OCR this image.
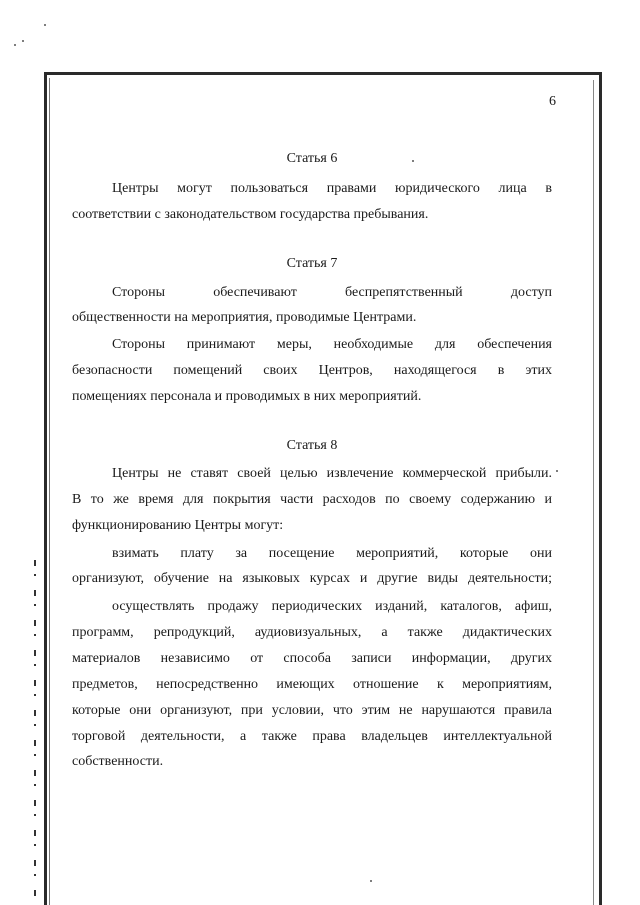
6
Статья 6
Центры могут пользоваться правами юридического лица в
соответствии с законодательством государства пребывания.
Статья 7
Стороны обеспечивают беспрепятственный доступ
общественности на мероприятия, проводимые Центрами.
Стороны принимают меры, необходимые для обеспечения
безопасности помещений своих Центров, находящегося в этих
помещениях персонала и проводимых в них мероприятий.
Статья 8
Центры не ставят своей целью извлечение коммерческой прибыли.
В то же время для покрытия части расходов по своему содержанию и
функционированию Центры могут:
взимать плату за посещение мероприятий, которые они
организуют, обучение на языковых курсах и другие виды деятельности;
осуществлять продажу периодических изданий, каталогов, афиш,
программ, репродукций, аудиовизуальных, а также дидактических
материалов независимо от способа записи информации, других
предметов, непосредственно имеющих отношение к мероприятиям,
которые они организуют, при условии, что этим не нарушаются правила
торговой деятельности, а также права владельцев интеллектуальной
собственности.
